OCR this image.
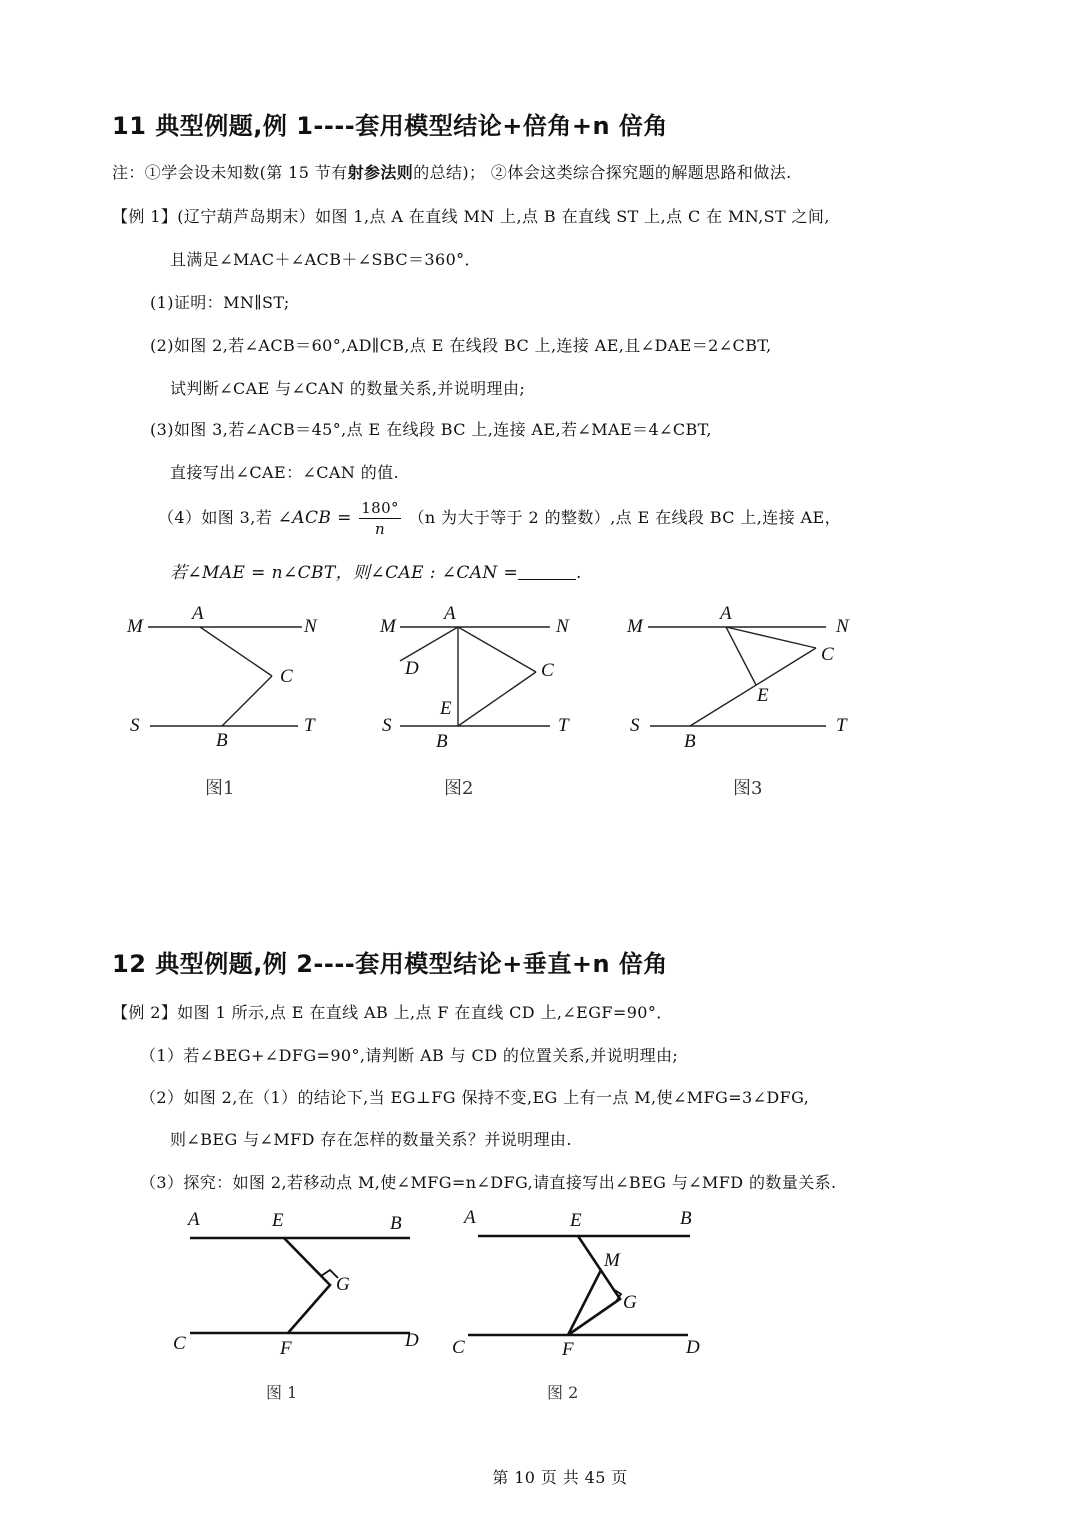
11 典型例题,例 1----套用模型结论+倍角+n 倍角
注：①学会设未知数(第 15 节有射参法则的总结)； ②体会这类综合探究题的解题思路和做法.
【例 1】(辽宁葫芦岛期末）如图 1,点 A 在直线 MN 上,点 B 在直线 ST 上,点 C 在 MN,ST 之间,
且满足∠MAC＋∠ACB＋∠SBC＝360°．
(1)证明：MN∥ST;
(2)如图 2,若∠ACB＝60°,AD∥CB,点 E 在线段 BC 上,连接 AE,且∠DAE＝2∠CBT,
试判断∠CAE 与∠CAN 的数量关系,并说明理由;
(3)如图 3,若∠ACB＝45°,点 E 在线段 BC 上,连接 AE,若∠MAE＝4∠CBT,
直接写出∠CAE：∠CAN 的值.
（4）如图 3,若 ∠ACB = $\frac{180^\circ}{n} (n$ 为大于等于 2 的整数）,点 E 在线段 BC 上,连接 AE，
若∠MAE = n∠CBT，则∠CAE : ∠CAN =	.
M
A
N
C
S
B
T
图1
M
A
N
D	C
E
S
B
T
图2
M
A
N
C
E
S
B
T
图3
12 典型例题,例 2----套用模型结论+垂直+n 倍角
【例 2】如图 1 所示,点 E 在直线 AB 上,点 F 在直线 CD 上,∠EGF=90°．
（1）若∠BEG+∠DFG=90°,请判断 AB 与 CD 的位置关系,并说明理由;
（2）如图 2,在（1）的结论下,当 EG⊥FG 保持不变,EG 上有一点 M,使∠MFG=3∠DFG,
则∠BEG 与∠MFD 存在怎样的数量关系？并说明理由.
（3）探究：如图 2,若移动点 M,使∠MFG=n∠DFG,请直接写出∠BEG 与∠MFD 的数量关系.
A	E	B
G
C	F	D
图 1
A	E	B
M
G
C	F	D
图 2
第 10 页 共 45 页
